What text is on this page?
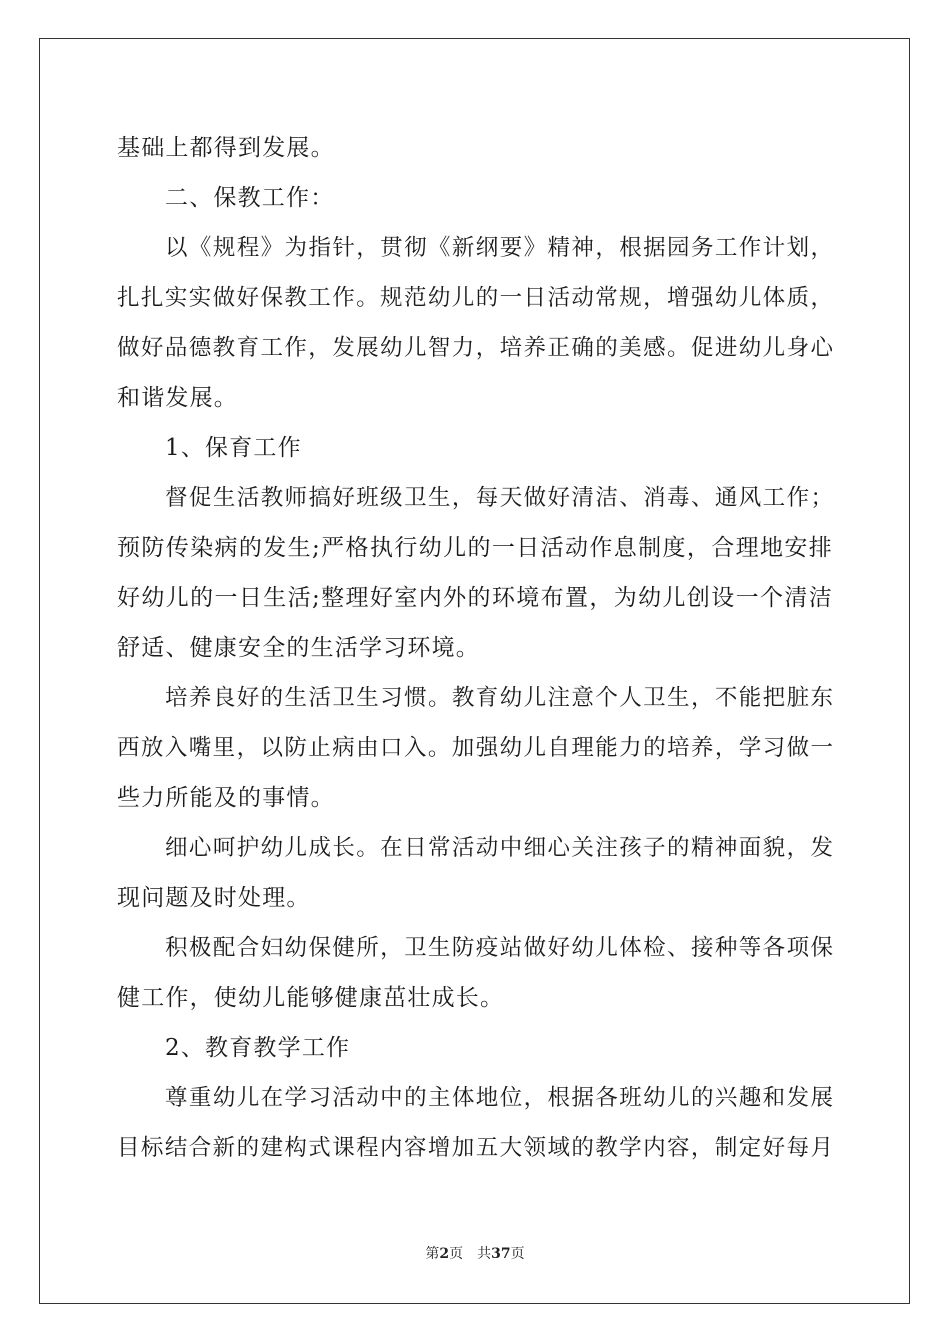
基础上都得到发展。

二、保教工作：

以《规程》为指针，贯彻《新纲要》精神，根据园务工作计划，

扎扎实实做好保教工作。规范幼儿的一日活动常规，增强幼儿体质，

做好品德教育工作，发展幼儿智力，培养正确的美感。促进幼儿身心

和谐发展。

1、保育工作

督促生活教师搞好班级卫生，每天做好清洁、消毒、通风工作；

预防传染病的发生;严格执行幼儿的一日活动作息制度，合理地安排

好幼儿的一日生活;整理好室内外的环境布置，为幼儿创设一个清洁

舒适、健康安全的生活学习环境。

培养良好的生活卫生习惯。教育幼儿注意个人卫生，不能把脏东

西放入嘴里，以防止病由口入。加强幼儿自理能力的培养，学习做一

些力所能及的事情。

细心呵护幼儿成长。在日常活动中细心关注孩子的精神面貌，发

现问题及时处理。

积极配合妇幼保健所，卫生防疫站做好幼儿体检、接种等各项保

健工作，使幼儿能够健康茁壮成长。

2、教育教学工作

尊重幼儿在学习活动中的主体地位，根据各班幼儿的兴趣和发展

目标结合新的建构式课程内容增加五大领域的教学内容，制定好每月

第2页 共37页
